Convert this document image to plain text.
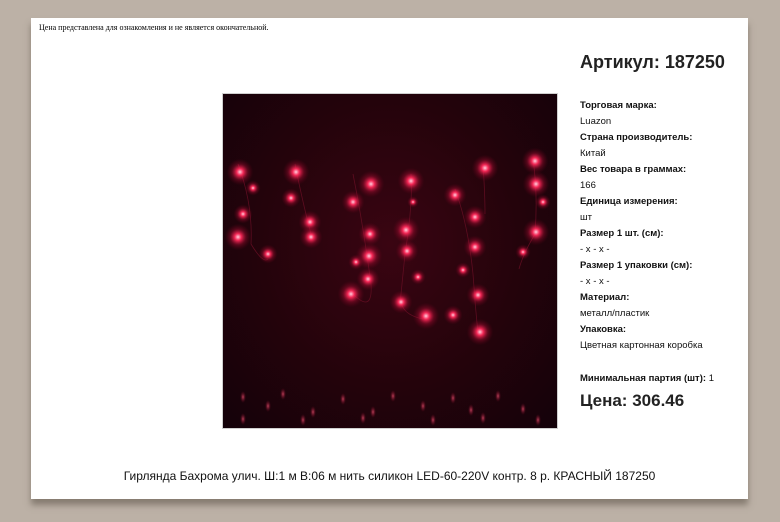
Цена представлена для ознакомления и не является окончательной.
Артикул: 187250
Торговая марка:
Luazon
Страна производитель:
Китай
Вес товара в граммах:
166
Единица измерения:
шт
Размер 1 шт. (см):
- x - x -
Размер 1 упаковки (см):
- x - x -
Материал:
металл/пластик
Упаковка:
Цветная картонная коробка
Минимальная партия (шт): 1
Цена: 306.46
Гирлянда Бахрома улич. Ш:1 м В:06 м нить силикон LED-60-220V контр. 8 р. КРАСНЫЙ 187250
